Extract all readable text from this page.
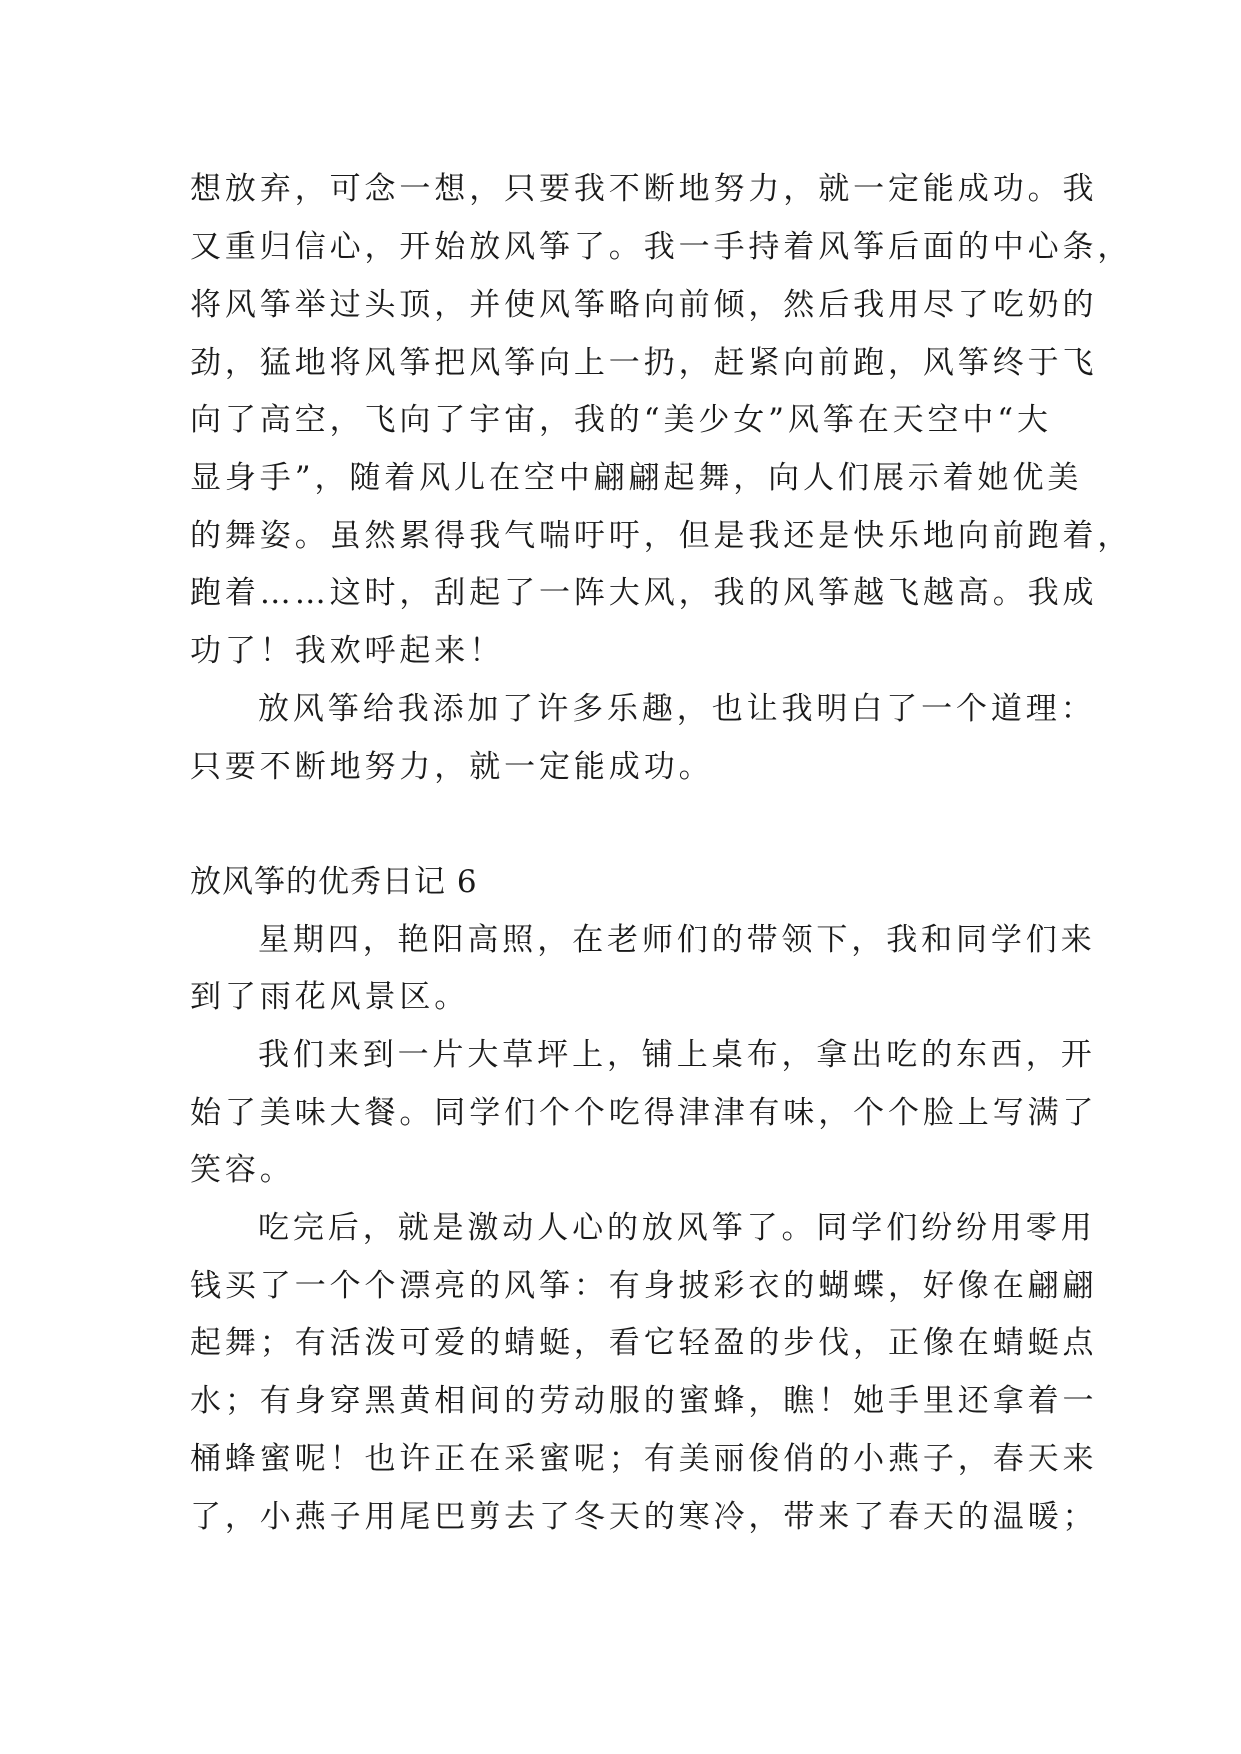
想放弃，可念一想，只要我不断地努力，就一定能成功。我
又重归信心，开始放风筝了。我一手持着风筝后面的中心条，
将风筝举过头顶，并使风筝略向前倾，然后我用尽了吃奶的
劲，猛地将风筝把风筝向上一扔，赶紧向前跑，风筝终于飞
向了高空，飞向了宇宙，我的“美少女”风筝在天空中“大
显身手”，随着风儿在空中翩翩起舞，向人们展示着她优美
的舞姿。虽然累得我气喘吁吁，但是我还是快乐地向前跑着，
跑着……这时，刮起了一阵大风，我的风筝越飞越高。我成
功了！我欢呼起来！
放风筝给我添加了许多乐趣，也让我明白了一个道理：
只要不断地努力，就一定能成功。
放风筝的优秀日记 6
星期四，艳阳高照，在老师们的带领下，我和同学们来
到了雨花风景区。
我们来到一片大草坪上，铺上桌布，拿出吃的东西，开
始了美味大餐。同学们个个吃得津津有味，个个脸上写满了
笑容。
吃完后，就是激动人心的放风筝了。同学们纷纷用零用
钱买了一个个漂亮的风筝：有身披彩衣的蝴蝶，好像在翩翩
起舞；有活泼可爱的蜻蜓，看它轻盈的步伐，正像在蜻蜓点
水；有身穿黑黄相间的劳动服的蜜蜂，瞧！她手里还拿着一
桶蜂蜜呢！也许正在采蜜呢；有美丽俊俏的小燕子，春天来
了，小燕子用尾巴剪去了冬天的寒冷，带来了春天的温暖；
